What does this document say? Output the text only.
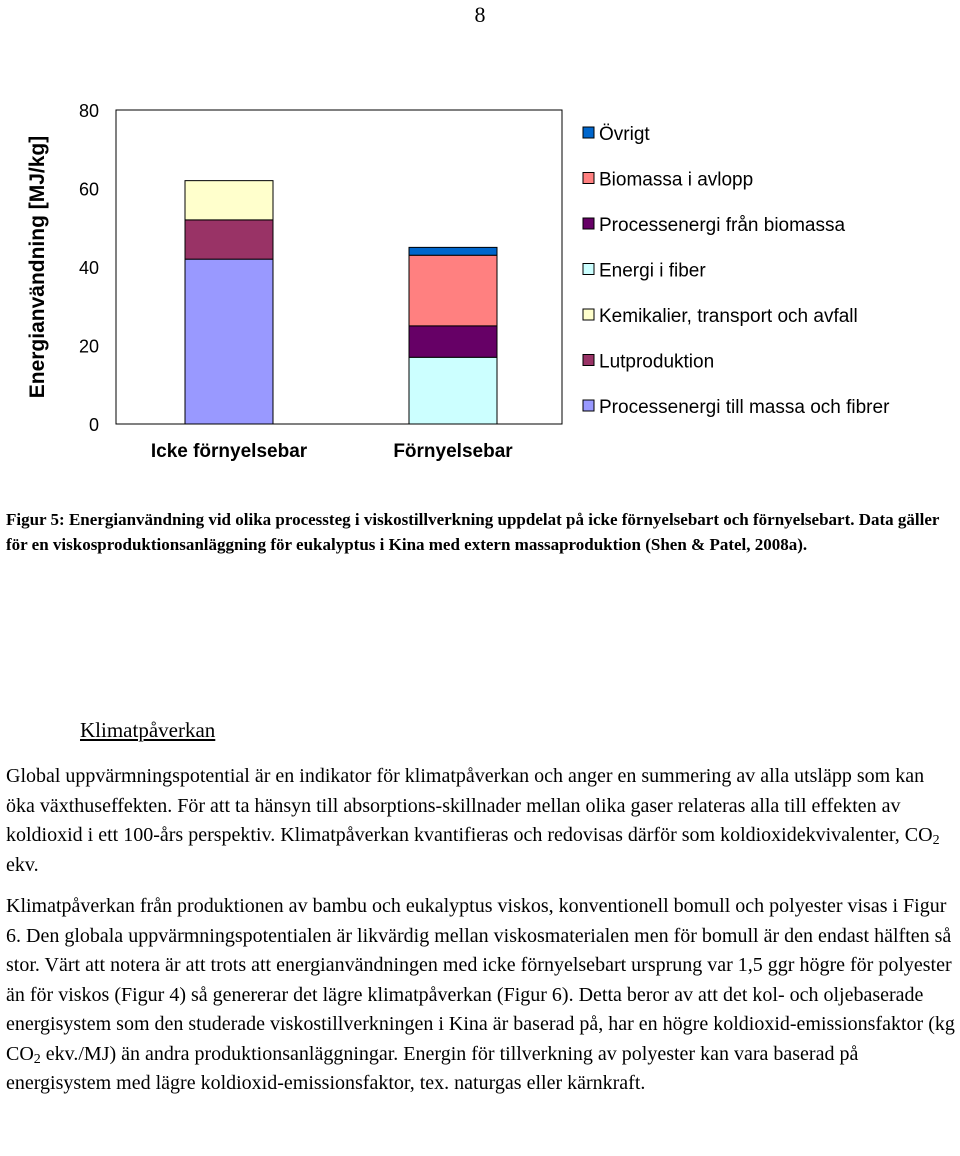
8
Energianvändning [MJ/kg]
0
20
40
60
80
Icke förnyelsebar	Förnyelsebar
Övrigt
Biomassa i avlopp
Processenergi från biomassa
Energi i fiber
Kemikalier, transport och avfall
Lutproduktion
Processenergi till massa och fibrer
Figur 5: Energianvändning vid olika processteg i viskostillverkning uppdelat på icke förnyelsebart och förnyelsebart. Data gäller för en viskosproduktionsanläggning för eukalyptus i Kina med extern massaproduktion (Shen & Patel, 2008a).
Klimatpåverkan
Global uppvärmningspotential är en indikator för klimatpåverkan och anger en summering av alla utsläpp som kan öka växthuseffekten. För att ta hänsyn till absorptions-skillnader mellan olika gaser relateras alla till effekten av koldioxid i ett 100-års perspektiv. Klimatpåverkan kvantifieras och redovisas därför som koldioxidekvivalenter, $CO_2$ ekv.
Klimatpåverkan från produktionen av bambu och eukalyptus viskos, konventionell bomull och polyester visas i Figur 6. Den globala uppvärmningspotentialen är likvärdig mellan viskosmaterialen men för bomull är den endast hälften så stor. Värt att notera är att trots att energianvändningen med icke förnyelsebart ursprung var 1,5 ggr högre för polyester än för viskos (Figur 4) så genererar det lägre klimatpåverkan (Figur 6). Detta beror av att det kol- och oljebaserade energisystem som den studerade viskostillverkningen i Kina är baserad på, har en högre koldioxid-emissionsfaktor (kg $CO_2$ ekv./MJ) än andra produktionsanläggningar. Energin för tillverkning av polyester kan vara baserad på energisystem med lägre koldioxid-emissionsfaktor, tex. naturgas eller kärnkraft.
